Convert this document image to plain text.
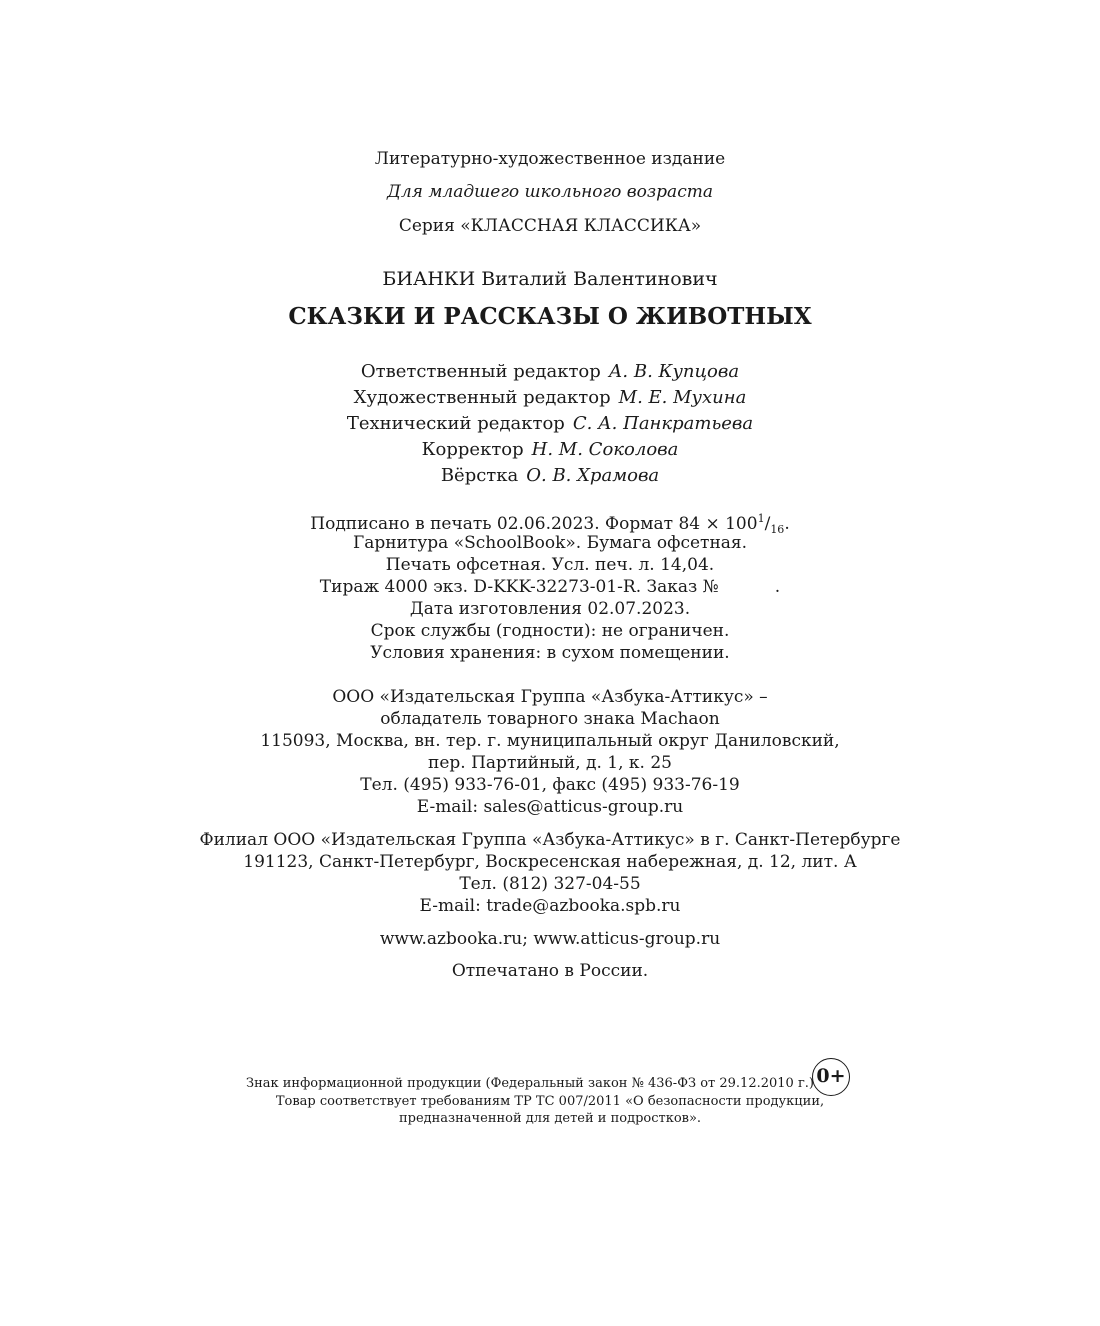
Литературно-художественное издание
Для младшего школьного возраста
Серия «КЛАССНАЯ КЛАССИКА»
БИАНКИ Виталий Валентинович
СКАЗКИ И РАССКАЗЫ О ЖИВОТНЫХ
Ответственный редактор А. В. Купцова
Художественный редактор М. Е. Мухина
Технический редактор С. А. Панкратьева
Корректор Н. М. Соколова
Вёрстка О. В. Храмова
Подписано в печать 02.06.2023. Формат $84 \times 100^1/_{16}$.
Гарнитура «SchoolBook». Бумага офсетная.
Печать офсетная. Усл. печ. л. 14,04.
Тираж 4000 экз. D-KKK-32273-01-R. Заказ №	.
Дата изготовления 02.07.2023.
Срок службы (годности): не ограничен.
Условия хранения: в сухом помещении.
ООО «Издательская Группа «Азбука-Аттикус» –
обладатель товарного знака Machaon
115093, Москва, вн. тер. г. муниципальный округ Даниловский,
пер. Партийный, д. 1, к. 25
Тел. (495) 933-76-01, факс (495) 933-76-19
E-mail: sales@atticus-group.ru
Филиал ООО «Издательская Группа «Азбука-Аттикус» в г. Санкт-Петербурге
191123, Санкт-Петербург, Воскресенская набережная, д. 12, лит. А
Тел. (812) 327-04-55
E-mail: trade@azbooka.spb.ru
www.azbooka.ru; www.atticus-group.ru
Отпечатано в России.
Знак информационной продукции (Федеральный закон № 436-ФЗ от 29.12.2010 г.) 0+
Товар соответствует требованиям ТР ТС 007/2011 «О безопасности продукции,
предназначенной для детей и подростков».
